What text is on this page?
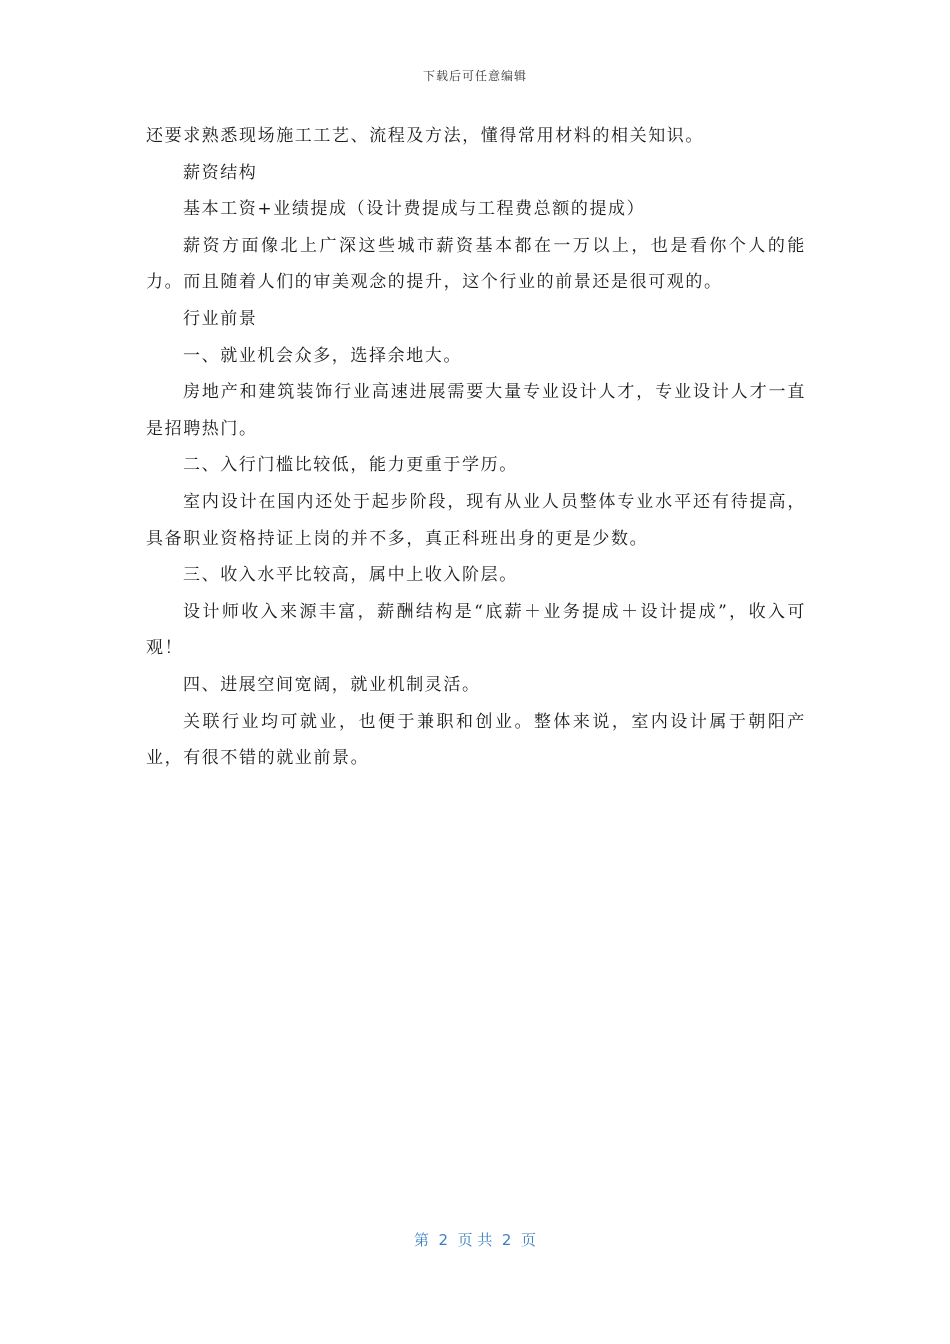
下载后可任意编辑

还要求熟悉现场施工工艺、流程及方法，懂得常用材料的相关知识。

薪资结构

基本工资+业绩提成（设计费提成与工程费总额的提成）

薪资方面像北上广深这些城市薪资基本都在一万以上，也是看你个人的能力。而且随着人们的审美观念的提升，这个行业的前景还是很可观的。

行业前景

一、就业机会众多，选择余地大。

房地产和建筑装饰行业高速进展需要大量专业设计人才，专业设计人才一直是招聘热门。

二、入行门槛比较低，能力更重于学历。

室内设计在国内还处于起步阶段，现有从业人员整体专业水平还有待提高，具备职业资格持证上岗的并不多，真正科班出身的更是少数。

三、收入水平比较高，属中上收入阶层。

设计师收入来源丰富，薪酬结构是“底薪＋业务提成＋设计提成”，收入可观！

四、进展空间宽阔，就业机制灵活。

关联行业均可就业，也便于兼职和创业。整体来说，室内设计属于朝阳产业，有很不错的就业前景。

第  2  页 共  2  页
